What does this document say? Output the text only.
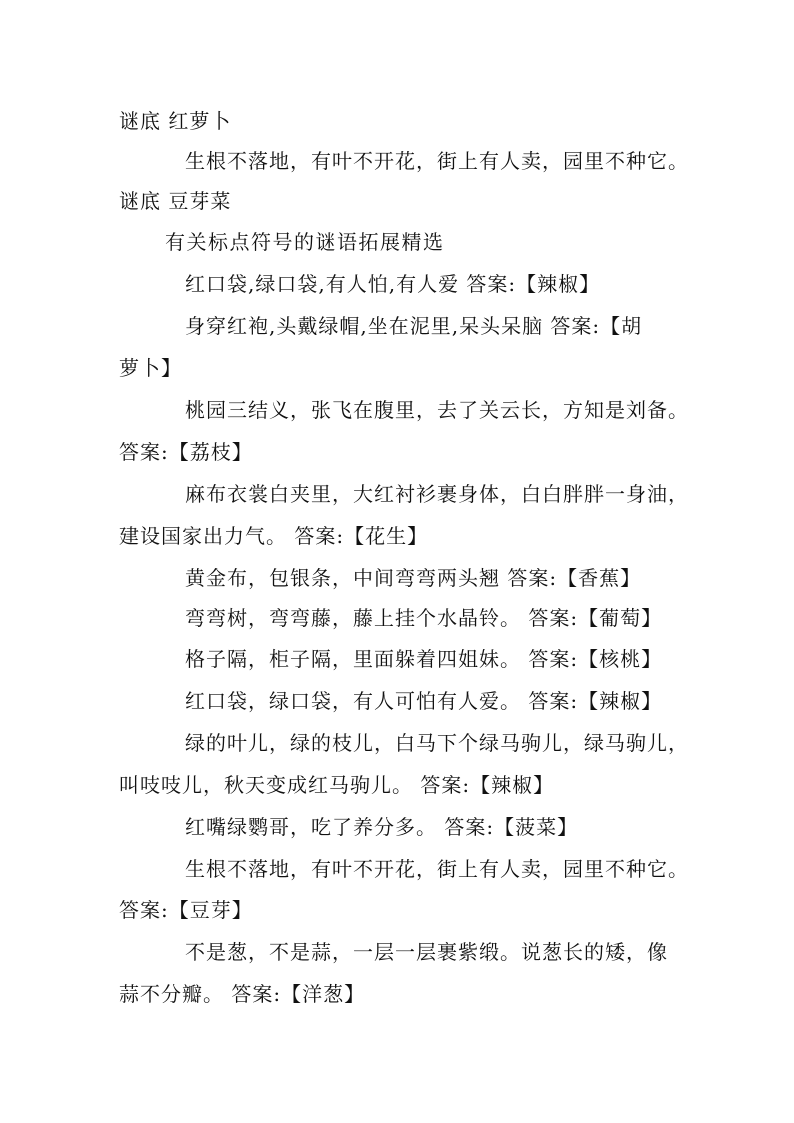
谜底 红萝卜
生根不落地，有叶不开花，街上有人卖，园里不种它。
谜底 豆芽菜
有关标点符号的谜语拓展精选
红口袋,绿口袋,有人怕,有人爱 答案:【辣椒】
身穿红袍,头戴绿帽,坐在泥里,呆头呆脑 答案:【胡
萝卜】
桃园三结义，张飞在腹里，去了关云长，方知是刘备。
答案:【荔枝】
麻布衣裳白夹里，大红衬衫裹身体，白白胖胖一身油，
建设国家出力气。 答案:【花生】
黄金布，包银条，中间弯弯两头翘 答案:【香蕉】
弯弯树，弯弯藤，藤上挂个水晶铃。 答案:【葡萄】
格子隔，柜子隔，里面躲着四姐妹。 答案:【核桃】
红口袋，绿口袋，有人可怕有人爱。 答案:【辣椒】
绿的叶儿，绿的枝儿，白马下个绿马驹儿，绿马驹儿，
叫吱吱儿，秋天变成红马驹儿。 答案:【辣椒】
红嘴绿鹦哥，吃了养分多。 答案:【菠菜】
生根不落地，有叶不开花，街上有人卖，园里不种它。
答案:【豆芽】
不是葱，不是蒜，一层一层裹紫缎。说葱长的矮，像
蒜不分瓣。 答案:【洋葱】
